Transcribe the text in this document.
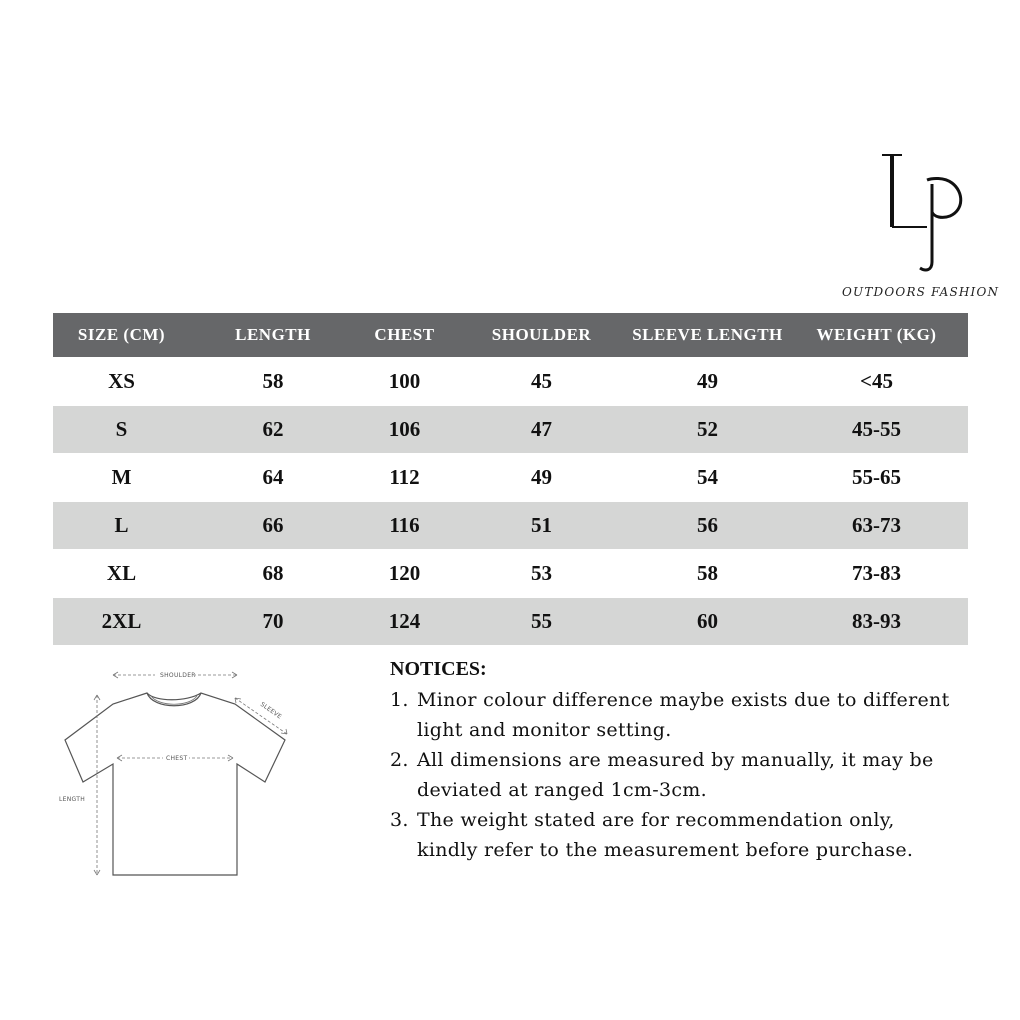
OUTDOORS FASHION
SIZE (CM)	LENGTH	CHEST	SHOULDER	SLEEVE LENGTH	WEIGHT (KG)
XS	58	100	45	49	<45
S	62	106	47	52	45-55
M	64	112	49	54	55-65
L	66	116	51	56	63-73
XL	68	120	53	58	73-83
2XL	70	124	55	60	83-93
SHOULDER
SLEEVE
CHEST
LENGTH
NOTICES:
1. Minor colour difference maybe exists due to different
light and monitor setting.
2. All dimensions are measured by manually, it may be
deviated at ranged 1cm-3cm.
3. The weight stated are for recommendation only,
kindly refer to the measurement before purchase.
